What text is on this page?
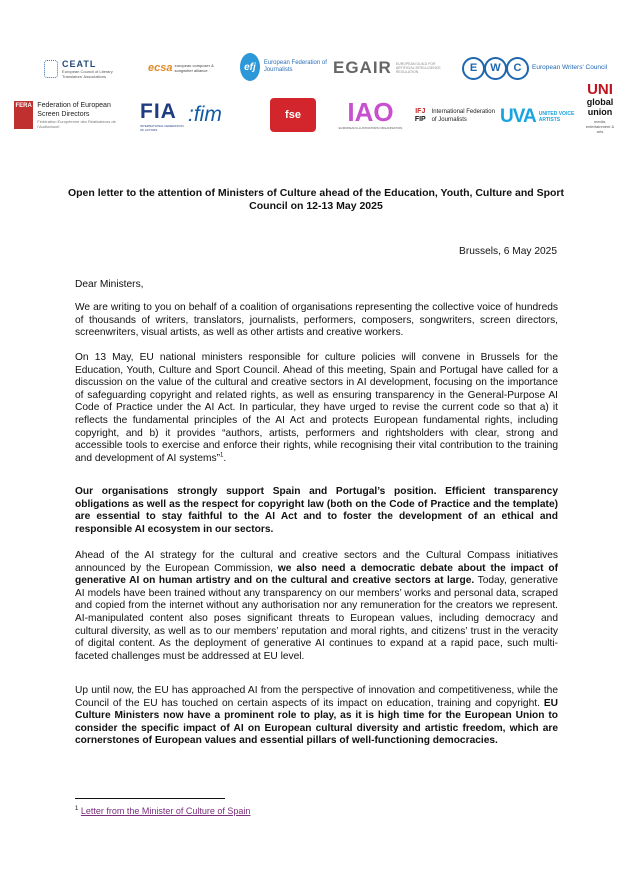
CEATL
European Council of Literary Translators' Associations
ecsa european composer & songwriter alliance	efj	European Federation of Journalists	EGAIR EUROPEAN GUILD FOR ARTIFICIAL INTELLIGENCE REGULATION	E	W	C	European Writers' Council
FERA Federation of European Screen Directors
Fédération Européenne des Réalisateurs de l'Audiovisuel
FIA
INTERNATIONAL FEDERATION OF ACTORS
:fim	fse	IAO
EUROPEAN ILLUSTRATORS ORGANISATION
IFJ
FIP
International Federation of Journalists	UVA UNITED VOICE ARTISTS
UNI
global union
media, entertainment & arts
Open letter to the attention of Ministers of Culture ahead of the Education, Youth, Culture and Sport Council on 12-13 May 2025
Brussels, 6 May 2025
Dear Ministers,
We are writing to you on behalf of a coalition of organisations representing the collective voice of hundreds of thousands of writers, translators, journalists, performers, composers, songwriters, screen directors, screenwriters, visual artists, as well as other artists and creative workers.
On 13 May, EU national ministers responsible for culture policies will convene in Brussels for the Education, Youth, Culture and Sport Council. Ahead of this meeting, Spain and Portugal have called for a discussion on the value of the cultural and creative sectors in AI development, focusing on the importance of safeguarding copyright and related rights, as well as ensuring transparency in the General-Purpose AI Code of Practice under the AI Act. In particular, they have urged to revise the current code so that a) it reflects the fundamental principles of the AI Act and protects European fundamental rights, including copyright, and b) it provides “authors, artists, performers and rightsholders with clear, strong and accessible tools to exercise and enforce their rights, while recognising their vital contribution to the training and development of AI systems”$^1$.
Our organisations strongly support Spain and Portugal’s position. Efficient transparency obligations as well as the respect for copyright law (both on the Code of Practice and the template) are essential to stay faithful to the AI Act and to foster the development of an ethical and responsible AI ecosystem in our sectors.
Ahead of the AI strategy for the cultural and creative sectors and the Cultural Compass initiatives announced by the European Commission, we also need a democratic debate about the impact of generative AI on human artistry and on the cultural and creative sectors at large. Today, generative AI models have been trained without any transparency on our members’ works and personal data, scraped and copied from the internet without any authorisation nor any remuneration for the creators we represent. AI-manipulated content also poses significant threats to European values, including democracy and cultural diversity, as well as to our members’ reputation and moral rights, and citizens’ trust in the veracity of digital content. As the deployment of generative AI continues to expand at a rapid pace, such multi-faceted challenges must be addressed at EU level.
Up until now, the EU has approached AI from the perspective of innovation and competitiveness, while the Council of the EU has touched on certain aspects of its impact on education, training and copyright. EU Culture Ministers now have a prominent role to play, as it is high time for the European Union to consider the specific impact of AI on European cultural diversity and artistic freedom, which are cornerstones of European values and essential pillars of well-functioning democracies.
$^1$ Letter from the Minister of Culture of Spain
